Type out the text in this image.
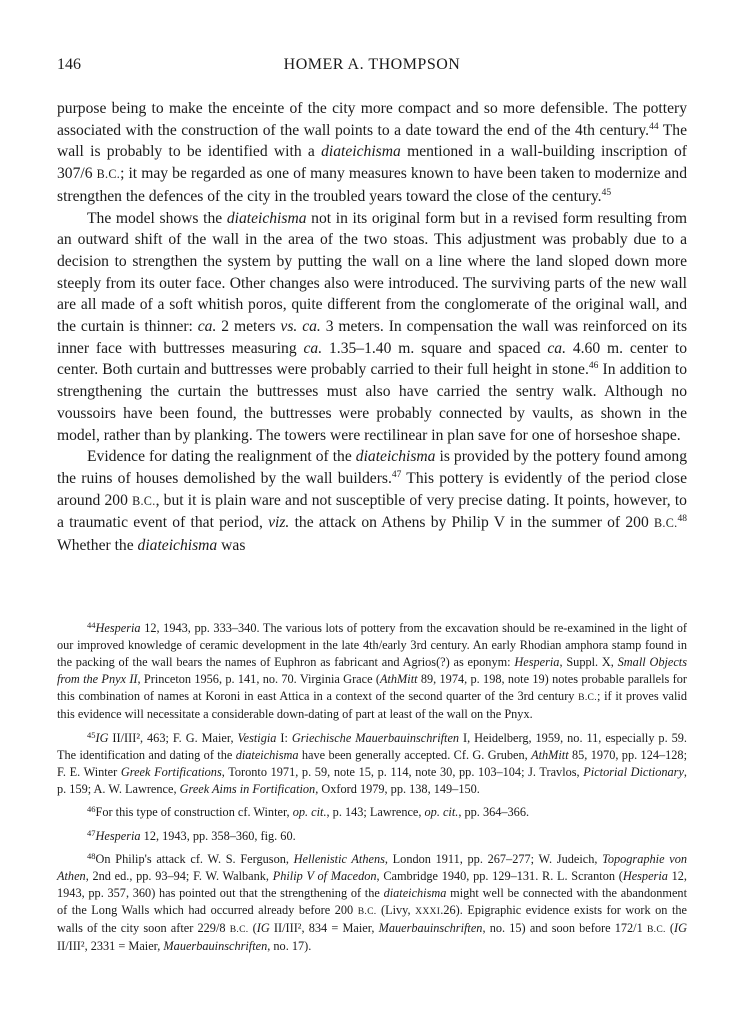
146	HOMER A. THOMPSON

purpose being to make the enceinte of the city more compact and so more defensible. The pottery associated with the construction of the wall points to a date toward the end of the 4th century.$^{44}$ The wall is probably to be identified with a diateichisma mentioned in a wall-building inscription of 307/6 B.C.; it may be regarded as one of many measures known to have been taken to modernize and strengthen the defences of the city in the troubled years toward the close of the century.$^{45}$

The model shows the diateichisma not in its original form but in a revised form resulting from an outward shift of the wall in the area of the two stoas. This adjustment was probably due to a decision to strengthen the system by putting the wall on a line where the land sloped down more steeply from its outer face. Other changes also were introduced. The surviving parts of the new wall are all made of a soft whitish poros, quite different from the conglomerate of the original wall, and the curtain is thinner: ca. 2 meters vs. ca. 3 meters. In compensation the wall was reinforced on its inner face with buttresses measuring ca. 1.35–1.40 m. square and spaced ca. 4.60 m. center to center. Both curtain and buttresses were probably carried to their full height in stone.$^{46}$ In addition to strengthening the curtain the buttresses must also have carried the sentry walk. Although no voussoirs have been found, the buttresses were probably connected by vaults, as shown in the model, rather than by planking. The towers were rectilinear in plan save for one of horseshoe shape.

Evidence for dating the realignment of the diateichisma is provided by the pottery found among the ruins of houses demolished by the wall builders.$^{47}$ This pottery is evidently of the period close around 200 B.C., but it is plain ware and not susceptible of very precise dating. It points, however, to a traumatic event of that period, viz. the attack on Athens by Philip V in the summer of 200 B.C.$^{48}$ Whether the diateichisma was

$^{44}$Hesperia 12, 1943, pp. 333–340. The various lots of pottery from the excavation should be re-examined in the light of our improved knowledge of ceramic development in the late 4th/early 3rd century. An early Rhodian amphora stamp found in the packing of the wall bears the names of Euphron as fabricant and Agrios(?) as eponym: Hesperia, Suppl. X, Small Objects from the Pnyx II, Princeton 1956, p. 141, no. 70. Virginia Grace (AthMitt 89, 1974, p. 198, note 19) notes probable parallels for this combination of names at Koroni in east Attica in a context of the second quarter of the 3rd century B.C.; if it proves valid this evidence will necessitate a considerable down-dating of part at least of the wall on the Pnyx.

$^{45}$IG II/III², 463; F. G. Maier, Vestigia I: Griechische Mauerbauinschriften I, Heidelberg, 1959, no. 11, especially p. 59. The identification and dating of the diateichisma have been generally accepted. Cf. G. Gruben, AthMitt 85, 1970, pp. 124–128; F. E. Winter Greek Fortifications, Toronto 1971, p. 59, note 15, p. 114, note 30, pp. 103–104; J. Travlos, Pictorial Dictionary, p. 159; A. W. Lawrence, Greek Aims in Fortification, Oxford 1979, pp. 138, 149–150.

$^{46}$For this type of construction cf. Winter, op. cit., p. 143; Lawrence, op. cit., pp. 364–366.

$^{47}$Hesperia 12, 1943, pp. 358–360, fig. 60.

$^{48}$On Philip's attack cf. W. S. Ferguson, Hellenistic Athens, London 1911, pp. 267–277; W. Judeich, Topographie von Athen, 2nd ed., pp. 93–94; F. W. Walbank, Philip V of Macedon, Cambridge 1940, pp. 129–131. R. L. Scranton (Hesperia 12, 1943, pp. 357, 360) has pointed out that the strengthening of the diateichisma might well be connected with the abandonment of the Long Walls which had occurred already before 200 B.C. (Livy, XXXI.26). Epigraphic evidence exists for work on the walls of the city soon after 229/8 B.C. (IG II/III², 834 = Maier, Mauerbauinschriften, no. 15) and soon before 172/1 B.C. (IG II/III², 2331 = Maier, Mauerbauinschriften, no. 17).
